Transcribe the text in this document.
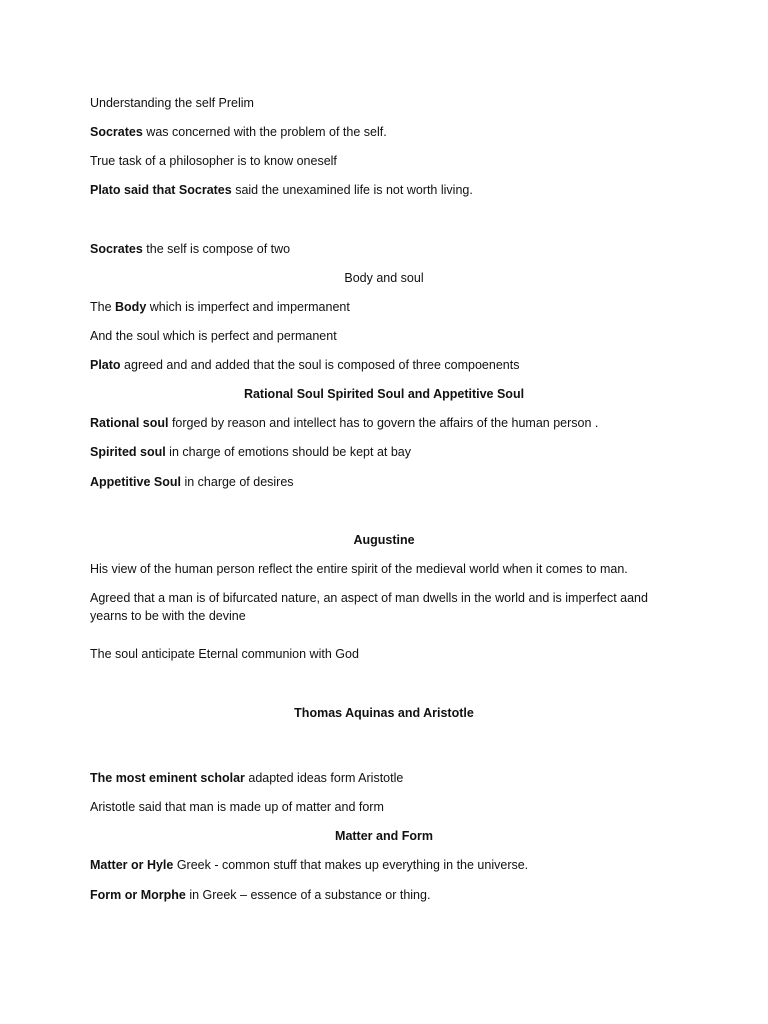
Understanding the self Prelim
Socrates was concerned with the problem of the self.
True task of a philosopher is to know oneself
Plato said that Socrates said the unexamined life is not worth living.
Socrates the self is compose of two
Body and soul
The Body which is imperfect and impermanent
And the soul which is perfect and permanent
Plato agreed and and added that the soul is composed of three compoenents
Rational Soul Spirited Soul and Appetitive Soul
Rational soul forged by reason and intellect has to govern the affairs of the human person .
Spirited soul in charge of emotions should be kept at bay
Appetitive Soul in charge of desires
Augustine
His view of the human person reflect the entire spirit of the medieval world when it comes to man.
Agreed that a man is of bifurcated nature, an aspect of man dwells in the world and is imperfect aand yearns to be with the devine
The soul anticipate Eternal communion with God
Thomas Aquinas and Aristotle
The most eminent scholar adapted ideas form Aristotle
Aristotle said that man is made up of matter and form
Matter and Form
Matter or Hyle Greek - common stuff that makes up everything in the universe.
Form or Morphe in Greek – essence of a substance or thing.
